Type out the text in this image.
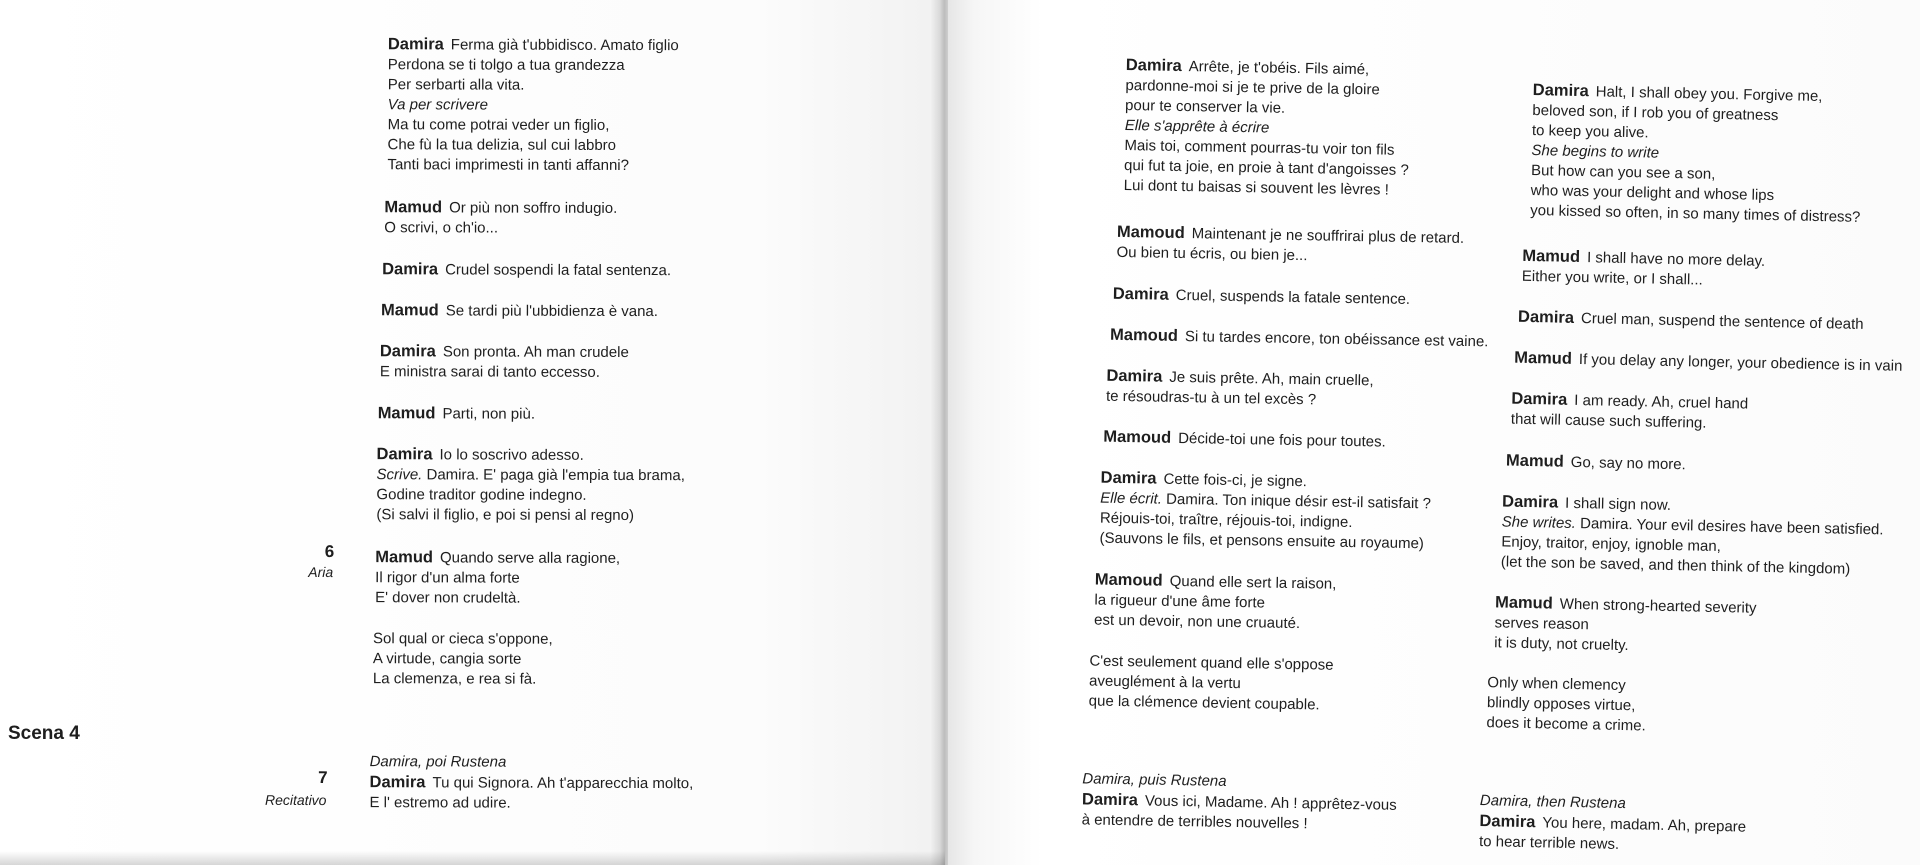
Damira Ferma già t'ubbidisco. Amato figlio
Perdona se ti tolgo a tua grandezza
Per serbarti alla vita.
Va per scrivere
Ma tu come potrai veder un figlio,
Che fù la tua delizia, sul cui labbro
Tanti baci imprimesti in tanti affanni?
Mamud Or più non soffro indugio.
O scrivi, o ch'io...
Damira Crudel sospendi la fatal sentenza.
Mamud Se tardi più l'ubbidienza è vana.
Damira Son pronta. Ah man crudele
E ministra sarai di tanto eccesso.
Mamud Parti, non più.
Damira Io lo soscrivo adesso.
Scrive. Damira. E' paga già l'empia tua brama,
Godine traditor godine indegno.
(Si salvi il figlio, e poi si pensi al regno)
6
Aria
Mamud Quando serve alla ragione,
Il rigor d'un alma forte
E' dover non crudeltà.
Sol qual or cieca s'oppone,
A virtude, cangia sorte
La clemenza, e rea si fà.
7
Recitativo
Damira, poi Rustena
Damira Tu qui Signora. Ah t'apparecchia molto,
E l' estremo ad udire.
Scena 4
Damira Arrête, je t'obéis. Fils aimé,
pardonne-moi si je te prive de la gloire
pour te conserver la vie.
Elle s'apprête à écrire
Mais toi, comment pourras-tu voir ton fils
qui fut ta joie, en proie à tant d'angoisses ?
Lui dont tu baisas si souvent les lèvres !
Mamoud Maintenant je ne souffrirai plus de retard.
Ou bien tu écris, ou bien je...
Damira Cruel, suspends la fatale sentence.
Mamoud Si tu tardes encore, ton obéissance est vaine.
Damira Je suis prête. Ah, main cruelle,
te résoudras-tu à un tel excès ?
Mamoud Décide-toi une fois pour toutes.
Damira Cette fois-ci, je signe.
Elle écrit. Damira. Ton inique désir est-il satisfait ?
Réjouis-toi, traître, réjouis-toi, indigne.
(Sauvons le fils, et pensons ensuite au royaume)
Mamoud Quand elle sert la raison,
la rigueur d'une âme forte
est un devoir, non une cruauté.
C'est seulement quand elle s'oppose
aveuglément à la vertu
que la clémence devient coupable.
Damira, puis Rustena
Damira Vous ici, Madame. Ah ! apprêtez-vous
à entendre de terribles nouvelles !
Damira Halt, I shall obey you. Forgive me,
beloved son, if I rob you of greatness
to keep you alive.
She begins to write
But how can you see a son,
who was your delight and whose lips
you kissed so often, in so many times of distress?
Mamud I shall have no more delay.
Either you write, or I shall...
Damira Cruel man, suspend the sentence of death
Mamud If you delay any longer, your obedience is in vain
Damira I am ready. Ah, cruel hand
that will cause such suffering.
Mamud Go, say no more.
Damira I shall sign now.
She writes. Damira. Your evil desires have been satisfied.
Enjoy, traitor, enjoy, ignoble man,
(let the son be saved, and then think of the kingdom)
Mamud When strong-hearted severity
serves reason
it is duty, not cruelty.
Only when clemency
blindly opposes virtue,
does it become a crime.
Damira, then Rustena
Damira You here, madam. Ah, prepare
to hear terrible news.
